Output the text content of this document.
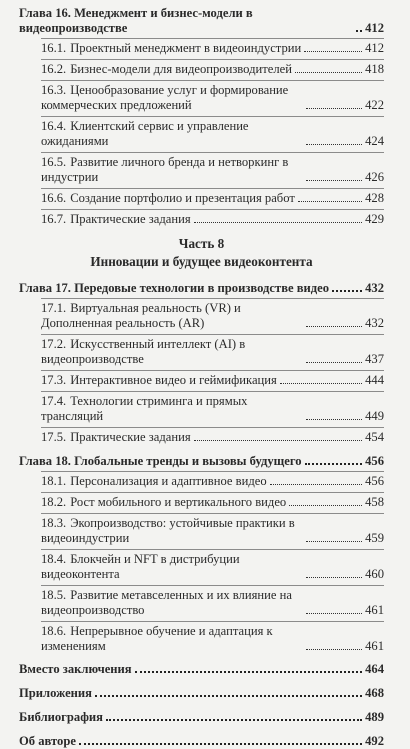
Глава 16. Менеджмент и бизнес-модели в видеопроизводстве	412
16.1. Проектный менеджмент в видеоиндустрии	412
16.2. Бизнес-модели для видеопроизводителей	418
16.3. Ценообразование услуг и формирование коммерческих предложений	422
16.4. Клиентский сервис и управление ожиданиями	424
16.5. Развитие личного бренда и нетворкинг в индустрии	426
16.6. Создание портфолио и презентация работ	428
16.7. Практические задания	429
Часть 8
Инновации и будущее видеоконтента
Глава 17. Передовые технологии в производстве видео	432
17.1. Виртуальная реальность (VR) и Дополненная реальность (AR)	432
17.2. Искусственный интеллект (AI) в видеопроизводстве	437
17.3. Интерактивное видео и геймификация	444
17.4. Технологии стриминга и прямых трансляций	449
17.5. Практические задания	454
Глава 18. Глобальные тренды и вызовы будущего	456
18.1. Персонализация и адаптивное видео	456
18.2. Рост мобильного и вертикального видео	458
18.3. Экопроизводство: устойчивые практики в видеоиндустрии	459
18.4. Блокчейн и NFT в дистрибуции видеоконтента	460
18.5. Развитие метавселенных и их влияние на видеопроизводство	461
18.6. Непрерывное обучение и адаптация к изменениям	461
Вместо заключения	464
Приложения	468
Библиография	489
Об авторе	492
